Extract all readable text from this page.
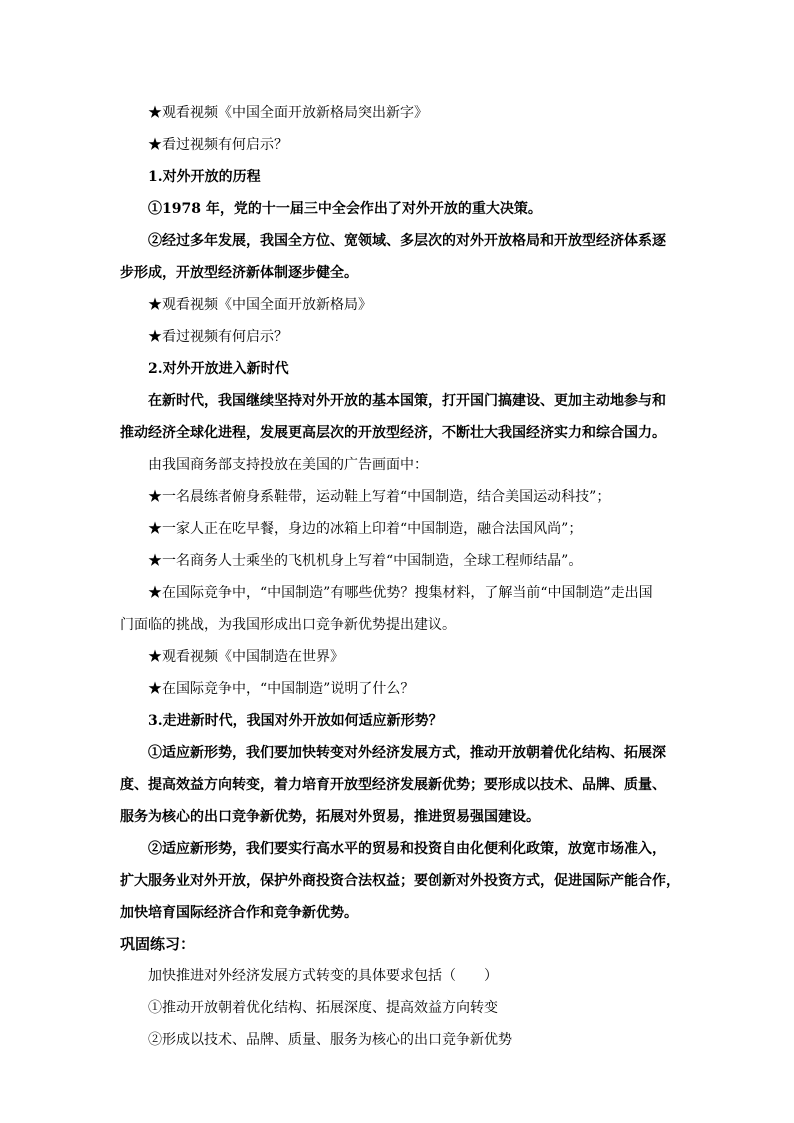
★观看视频《中国全面开放新格局突出新字》
★看过视频有何启示？
1.对外开放的历程
①1978 年，党的十一届三中全会作出了对外开放的重大决策。
②经过多年发展，我国全方位、宽领域、多层次的对外开放格局和开放型经济体系逐
步形成，开放型经济新体制逐步健全。
★观看视频《中国全面开放新格局》
★看过视频有何启示？
2.对外开放进入新时代
在新时代，我国继续坚持对外开放的基本国策，打开国门搞建设、更加主动地参与和
推动经济全球化进程，发展更高层次的开放型经济，不断壮大我国经济实力和综合国力。
由我国商务部支持投放在美国的广告画面中：
★一名晨练者俯身系鞋带，运动鞋上写着“中国制造，结合美国运动科技”；
★一家人正在吃早餐，身边的冰箱上印着“中国制造，融合法国风尚”；
★一名商务人士乘坐的飞机机身上写着“中国制造，全球工程师结晶”。
★在国际竞争中，“中国制造”有哪些优势？搜集材料，了解当前“中国制造”走出国
门面临的挑战，为我国形成出口竞争新优势提出建议。
★观看视频《中国制造在世界》
★在国际竞争中，“中国制造”说明了什么？
3.走进新时代，我国对外开放如何适应新形势？
①适应新形势，我们要加快转变对外经济发展方式，推动开放朝着优化结构、拓展深
度、提高效益方向转变，着力培育开放型经济发展新优势；要形成以技术、品牌、质量、
服务为核心的出口竞争新优势，拓展对外贸易，推进贸易强国建设。
②适应新形势，我们要实行高水平的贸易和投资自由化便利化政策，放宽市场准入，
扩大服务业对外开放，保护外商投资合法权益；要创新对外投资方式，促进国际产能合作，
加快培育国际经济合作和竞争新优势。
巩固练习：
加快推进对外经济发展方式转变的具体要求包括（　　）
①推动开放朝着优化结构、拓展深度、提高效益方向转变
②形成以技术、品牌、质量、服务为核心的出口竞争新优势
